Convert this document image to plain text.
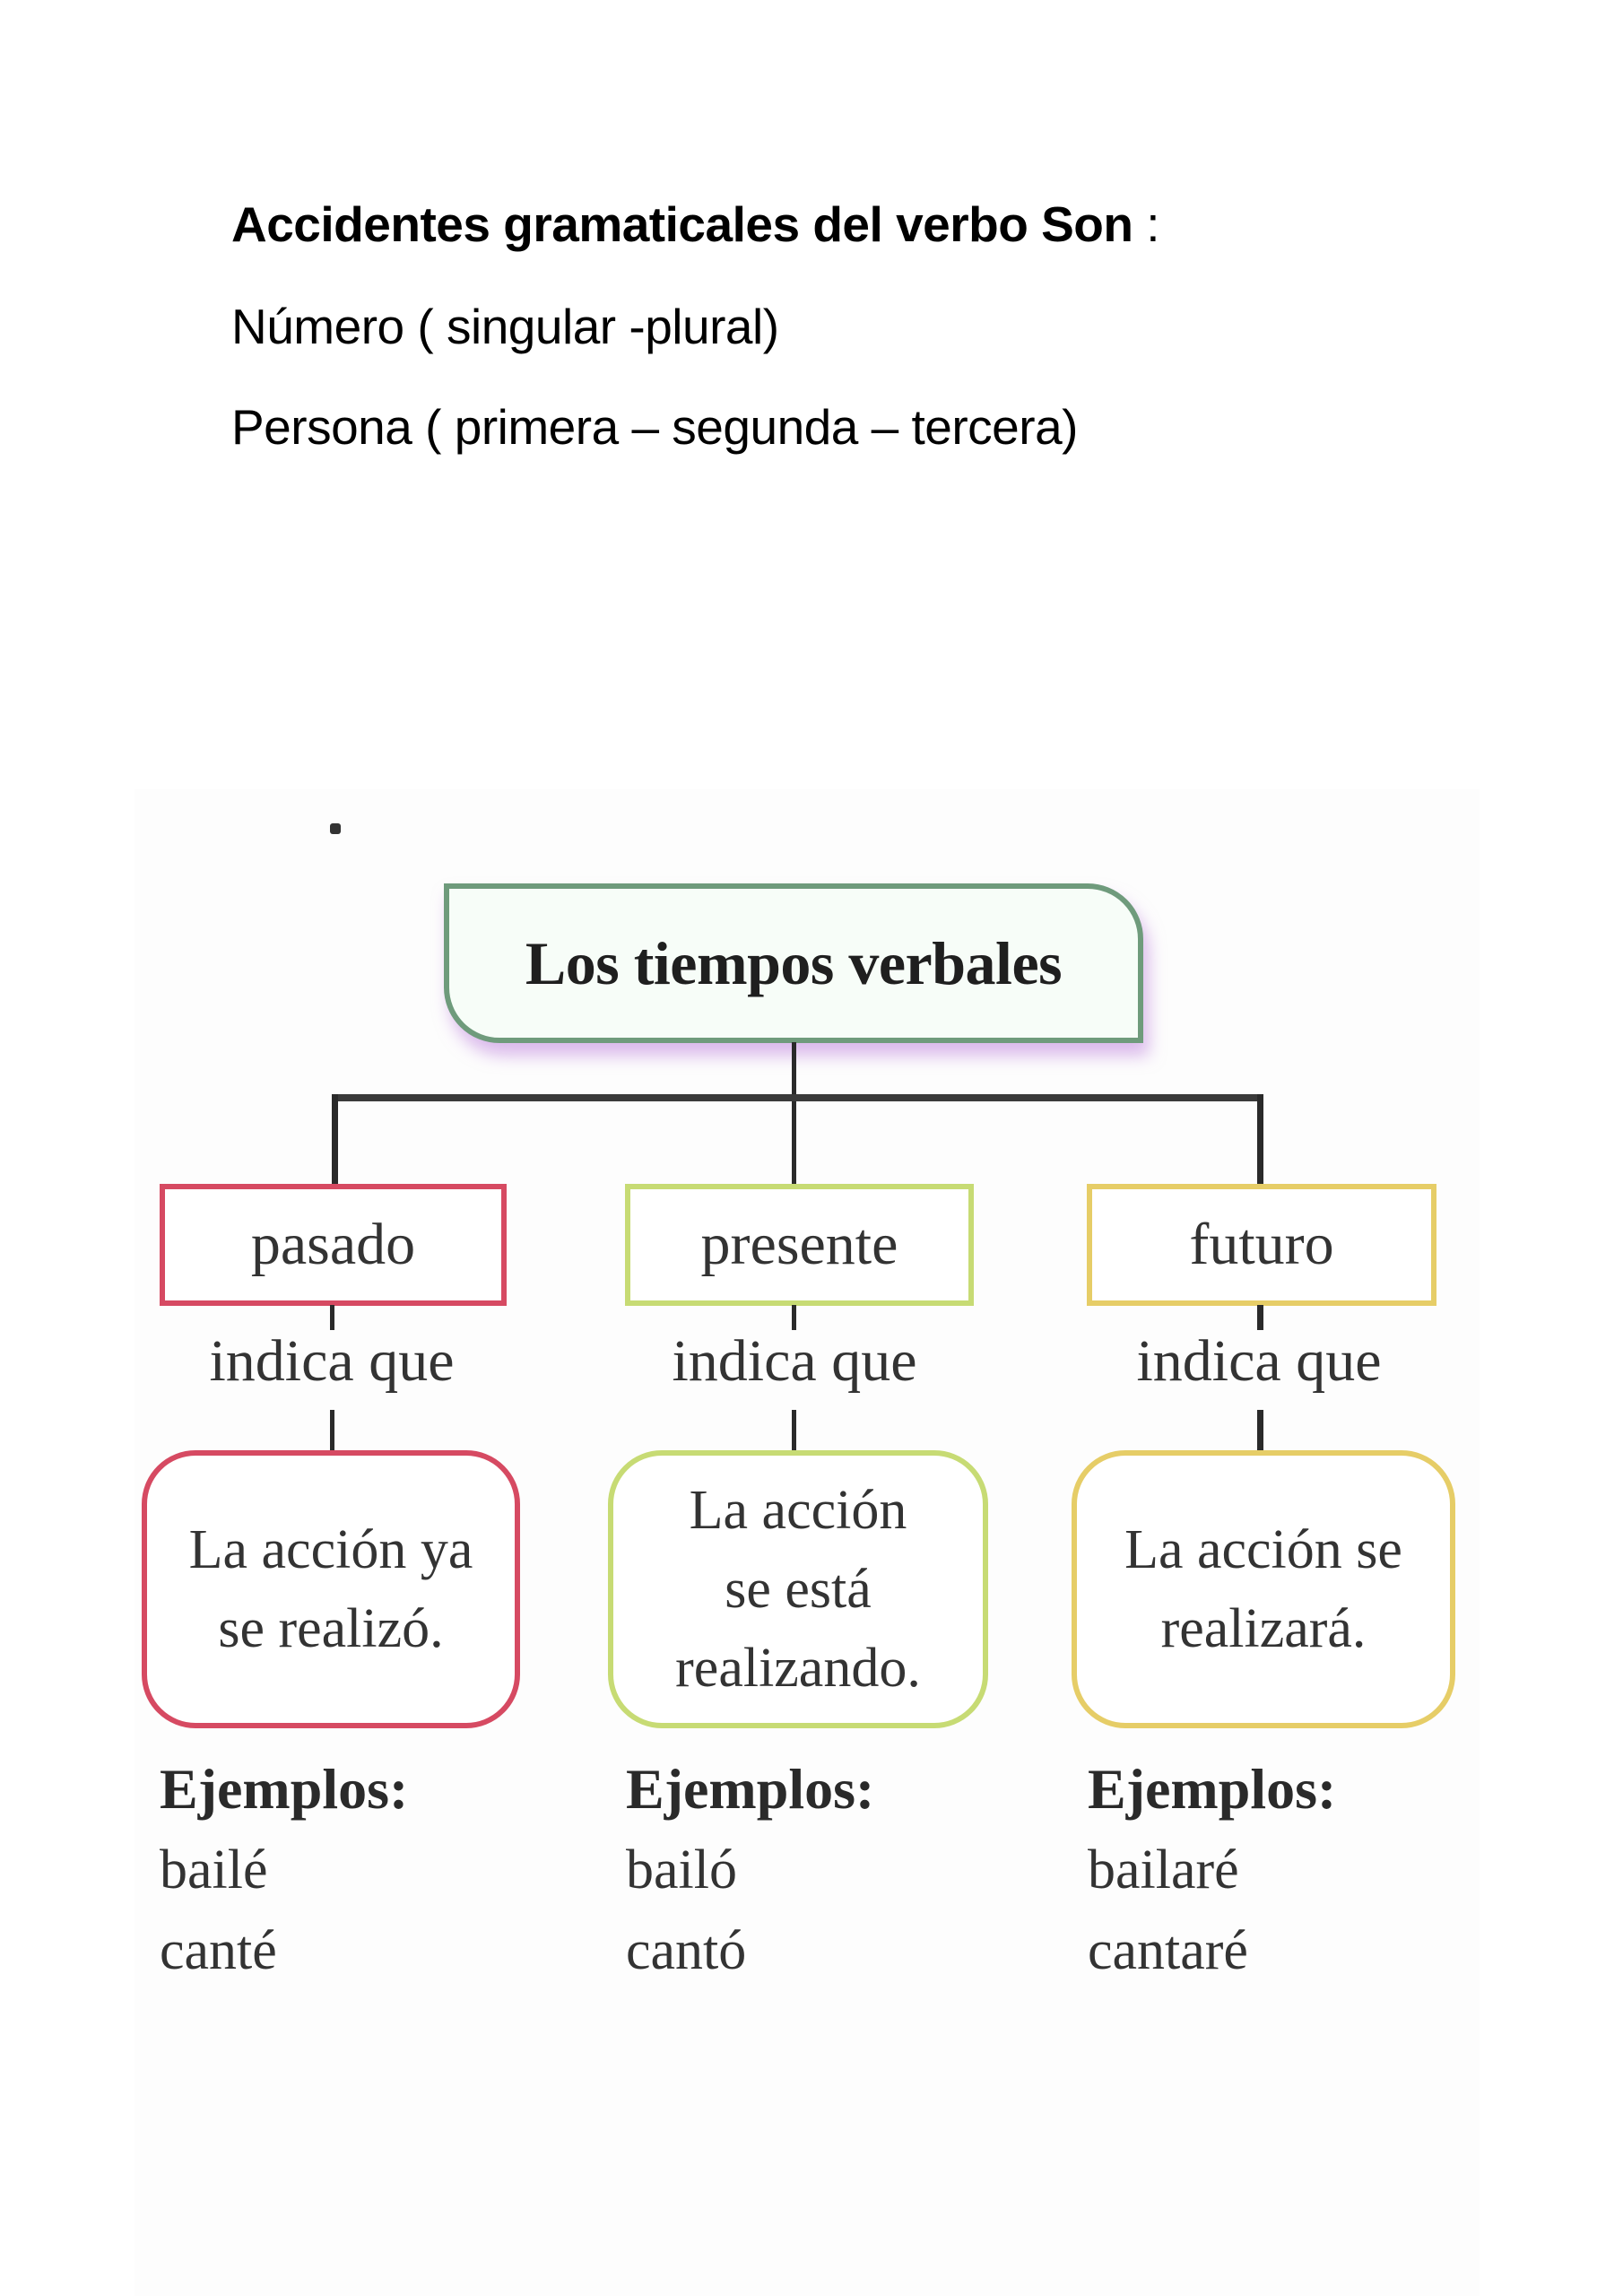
Accidentes gramaticales del verbo Son :
Número ( singular -plural)
Persona ( primera – segunda – tercera)
Los tiempos verbales
pasado
indica que
La acción ya
se realizó.
Ejemplos:
bailé
canté
presente
indica que
La acción
se está
realizando.
Ejemplos:
bailó
cantó
futuro
indica que
La acción se
realizará.
Ejemplos:
bailaré
cantaré
